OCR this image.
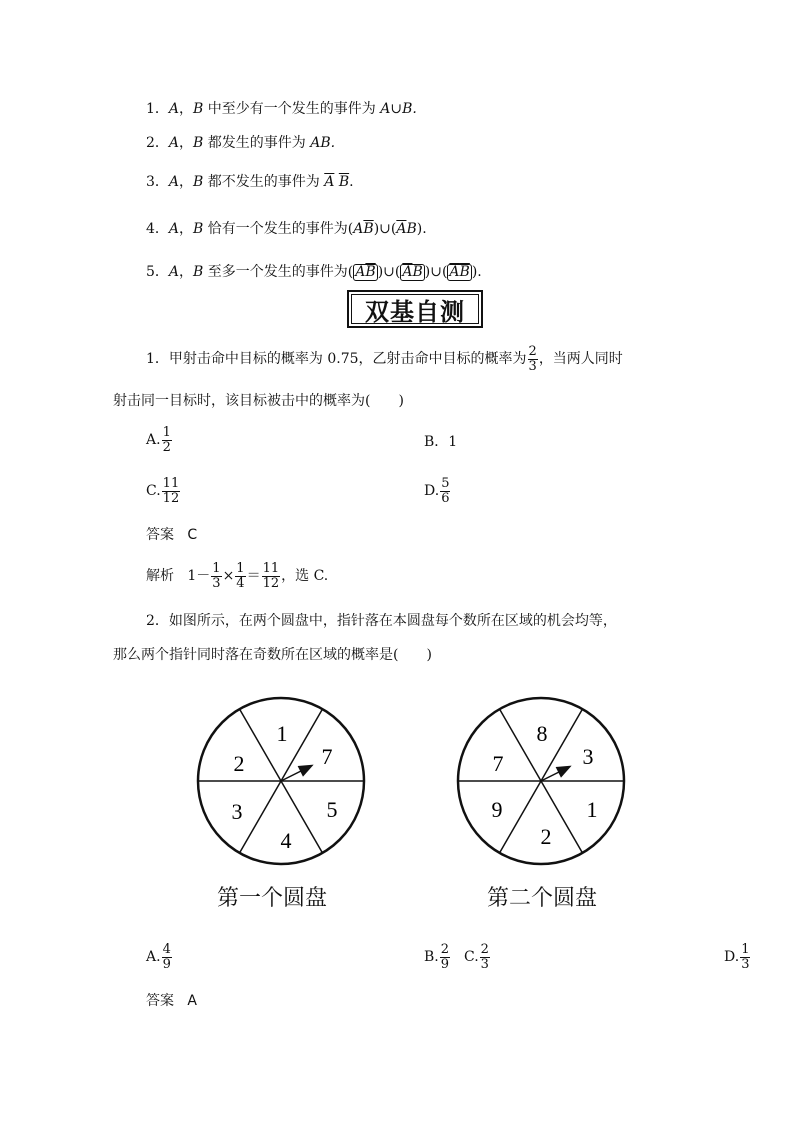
1．A，B 中至少有一个发生的事件为 A∪B.
2．A，B 都发生的事件为 AB.
3．A，B 都不发生的事件为 $\overline{A}$ $\overline{B}$.
4．A，B 恰有一个发生的事件为$(A\overline{B})\cup(\overline{A}B)$.
5．A，B 至多一个发生的事件为( $A\overline{B}$ )∪( $\overline{A}B$ )∪( $\overline{A}\overline{B}$ ).
双基自测
1．甲射击命中目标的概率为 0.75，乙射击命中目标的概率为 $\frac{2}{3}$ ，当两人同时
射击同一目标时，该目标被击中的概率为(　　)
A. $\frac{1}{2}$	B．1
C. $\frac{11}{12}$	D. $\frac{5}{6}$
答案 C
解析
$1- \frac{1}{3} \times \frac{1}{4} = \frac{11}{12}$ ，选 C.
2．如图所示，在两个圆盘中，指针落在本圆盘每个数所在区域的机会均等，
那么两个指针同时落在奇数所在区域的概率是(　　)
1
7
5
4
3
2
8
3
1
2
9
7
第一个圆盘	第二个圆盘
A. $\frac{4}{9}$	B. $\frac{2}{9} C$. $\frac{2}{3}$	D. $\frac{1}{3}$
答案 A
